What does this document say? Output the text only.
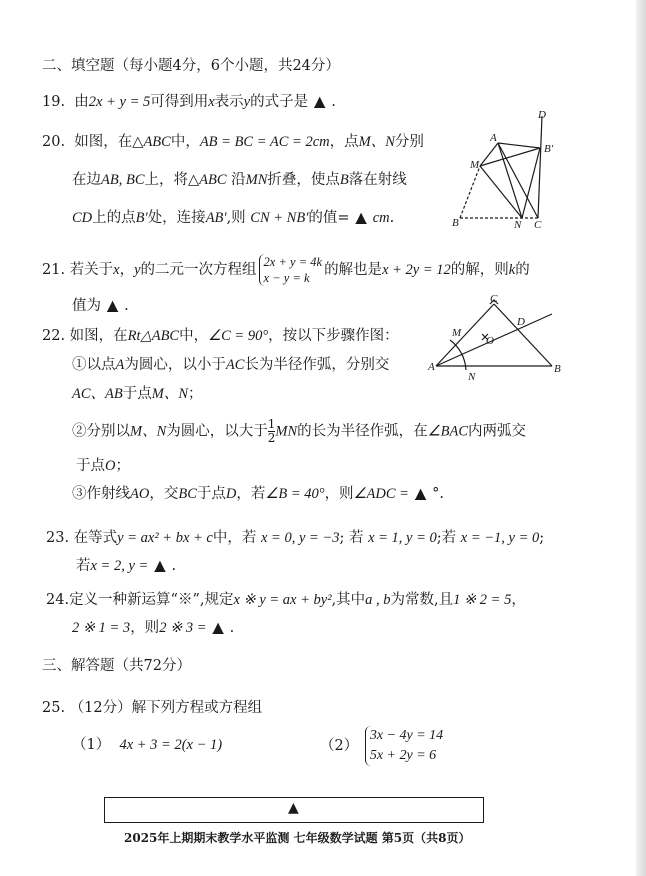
二、填空题（每小题4分，6个小题，共24分）
19. 由2x + y = 5可得到用x表示y的式子是 ▲ .
20. 如图，在△ABC中，AB = BC = AC = 2cm，点M、N分别
在边AB, BC上，将△ABC 沿MN折叠，使点B落在射线
CD上的点B′处，连接AB′,则 CN + NB′的值= ▲ cm.
A
B	C
D
M
N
B′
21. 若关于x，y的二元一次方程组 2x + y = 4k
x − y = k	的解也是x + 2y = 12的解，则k的
值为 ▲ .
22. 如图，在Rt△ABC中，∠C = 90°，按以下步骤作图：
①以点A为圆心，以小于AC长为半径作弧，分别交
AC、AB于点M、N；
②分别以M、N为圆心，以大于 $\frac{1}{2}$ MN的长为半径作弧，在∠BAC内两弧交
于点O；
③作射线AO，交BC于点D，若∠B = 40°，则∠ADC = ▲ °.
A	B
C
D
M
N
O
23. 在等式y = ax² + bx + c中，若 x = 0, y = −3; 若 x = 1, y = 0;若 x = −1, y = 0;
若x = 2, y = ▲ .
24.定义一种新运算“※”,规定x ※ y = ax + by²,其中a , b为常数,且1 ※ 2 = 5，
2 ※ 1 = 3，则2 ※ 3 = ▲ .
三、解答题（共72分）
25. （12分）解下列方程或方程组
（1） 4x + 3 = 2(x − 1)	（2）
3x − 4y = 14
5x + 2y = 6
▲
2025年上期期末教学水平监测 七年级数学试题 第5页（共8页）
